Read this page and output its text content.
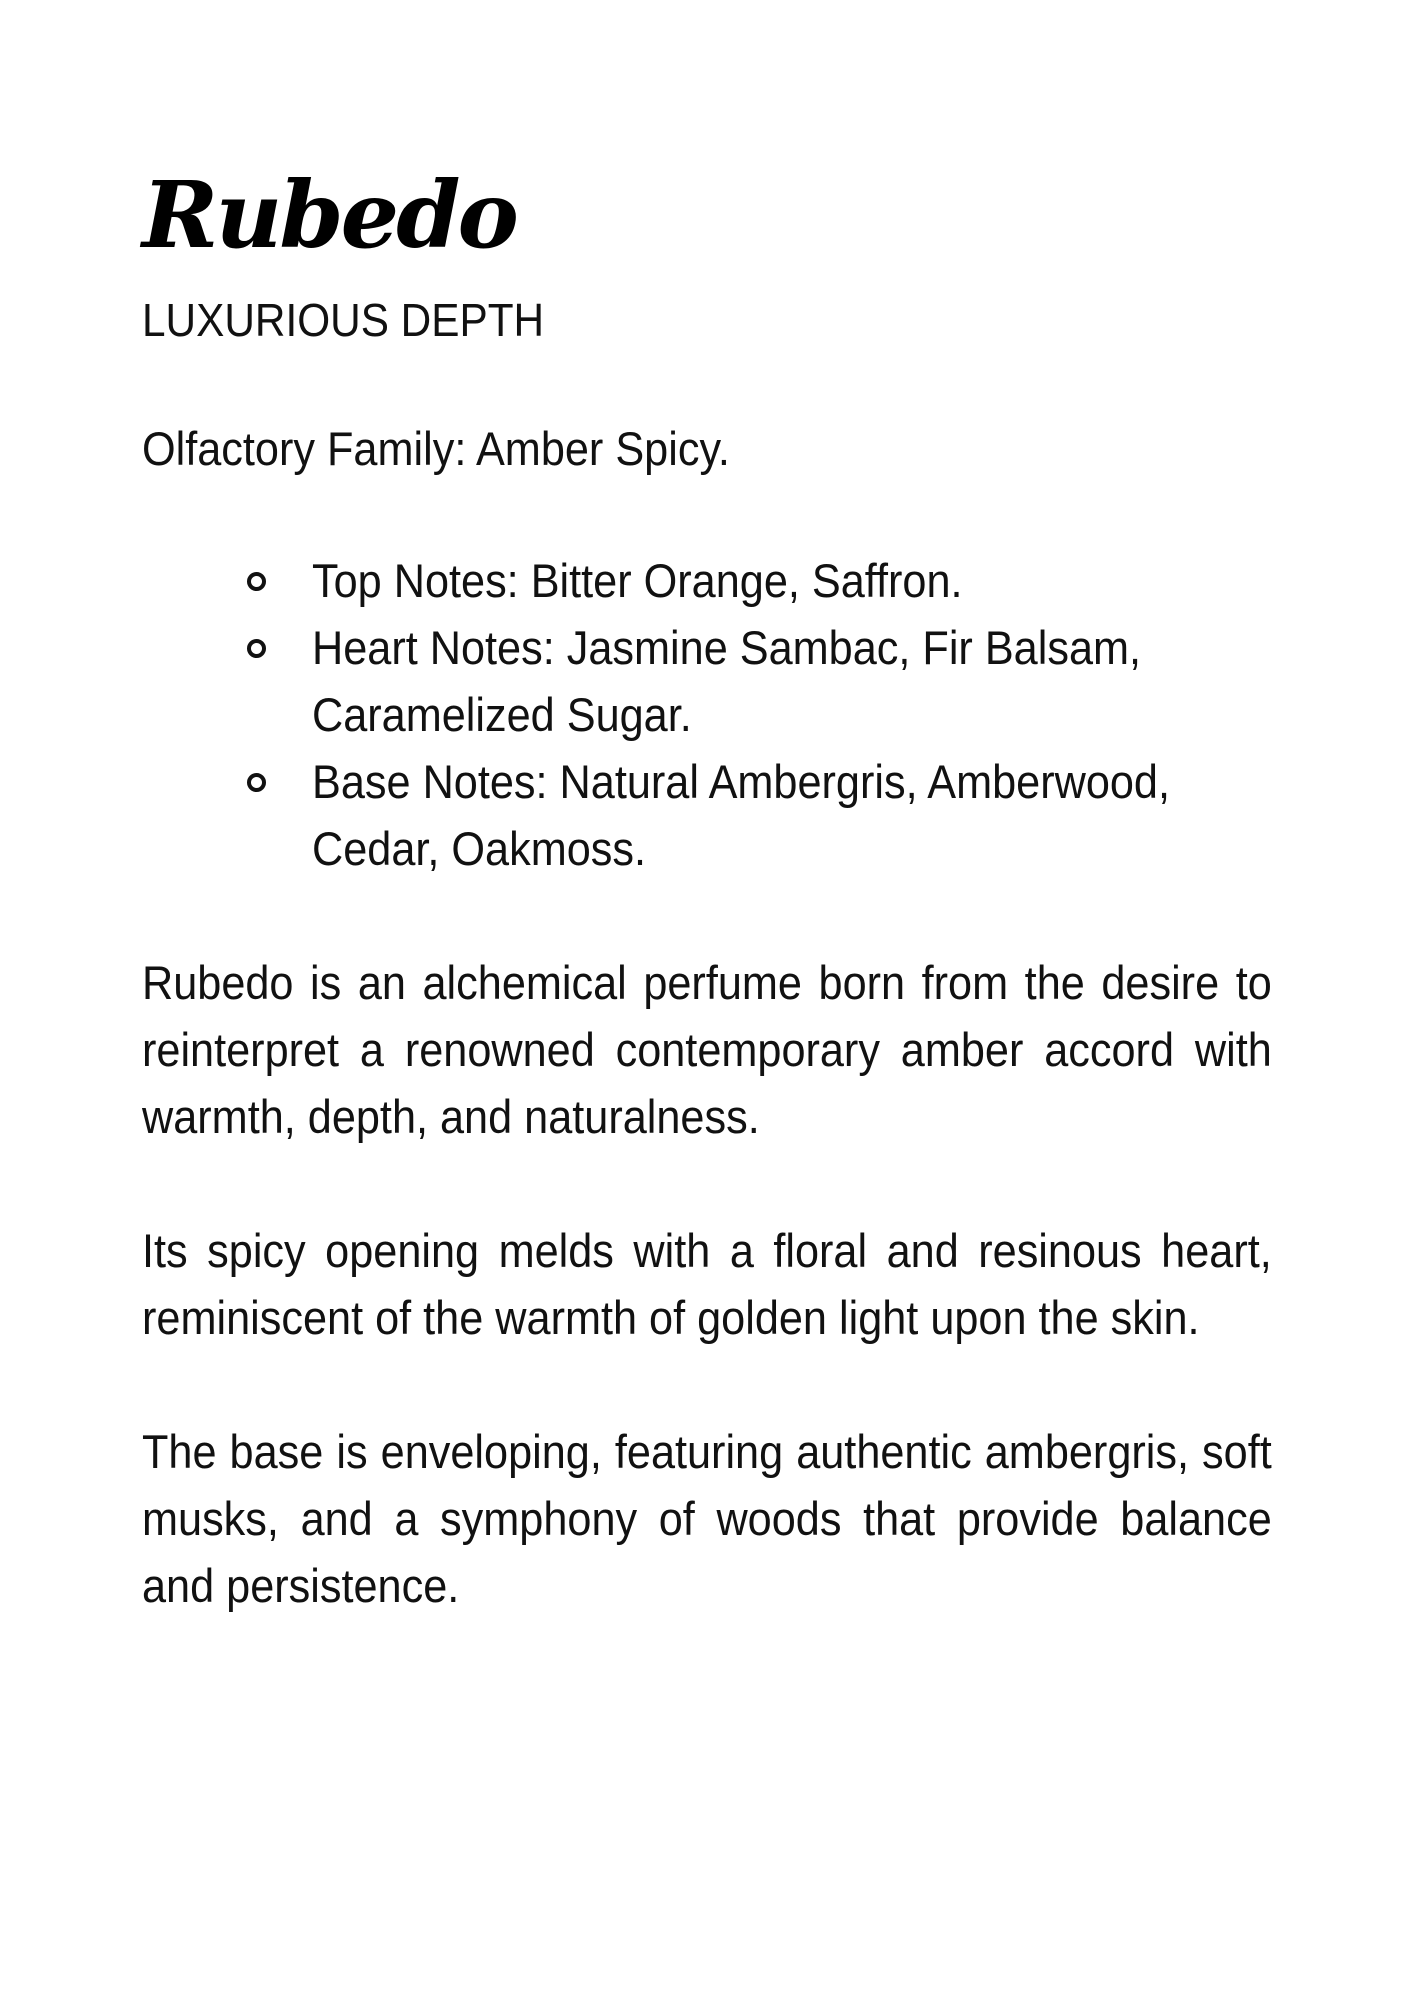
Rubedo
LUXURIOUS DEPTH

Olfactory Family: Amber Spicy.

Top Notes: Bitter Orange, Saffron.
Heart Notes: Jasmine Sambac, Fir Balsam, Caramelized Sugar.
Base Notes: Natural Ambergris, Amberwood, Cedar, Oakmoss.
Rubedo is an alchemical perfume born from the desire to reinterpret a renowned contemporary amber accord with warmth, depth, and naturalness.
Its spicy opening melds with a floral and resinous heart, reminiscent of the warmth of golden light upon the skin.
The base is enveloping, featuring authentic ambergris, soft musks, and a symphony of woods that provide balance and persistence.
